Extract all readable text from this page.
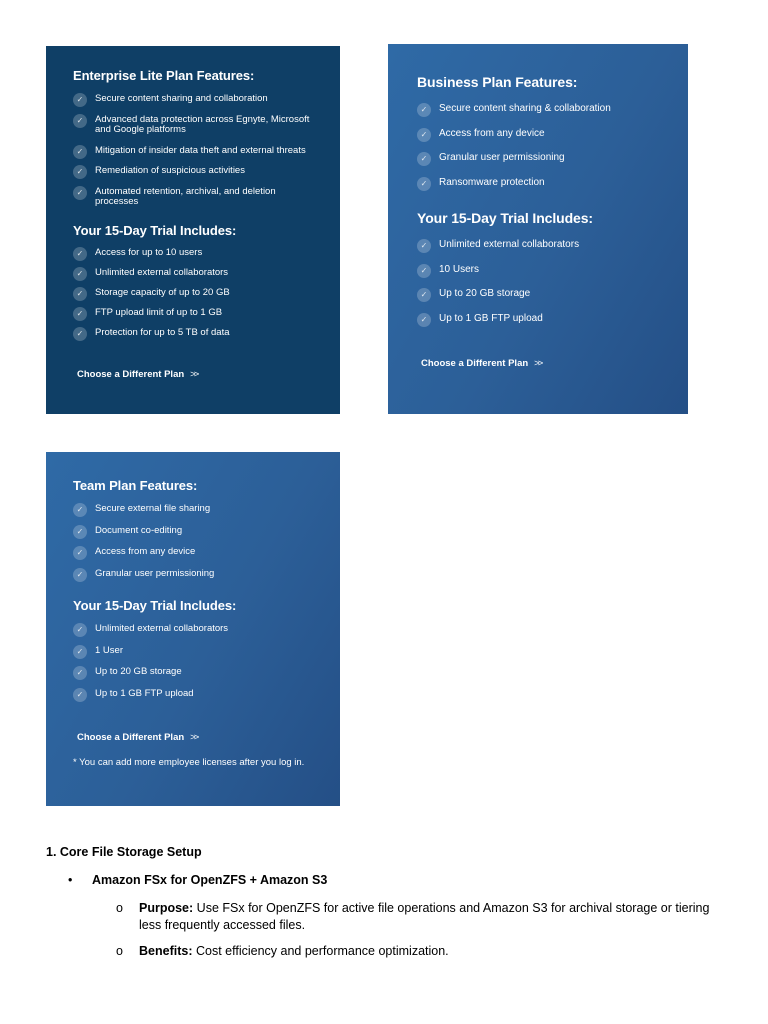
Enterprise Lite Plan Features:
✓	Secure content sharing and collaboration
✓	Advanced data protection across Egnyte, Microsoft and Google platforms
✓	Mitigation of insider data theft and external threats
✓	Remediation of suspicious activities
✓	Automated retention, archival, and deletion processes
Your 15-Day Trial Includes:
✓	Access for up to 10 users
✓	Unlimited external collaborators
✓	Storage capacity of up to 20 GB
✓	FTP upload limit of up to 1 GB
✓	Protection for up to 5 TB of data
Choose a Different Plan >>
Business Plan Features:
✓	Secure content sharing & collaboration
✓	Access from any device
✓	Granular user permissioning
✓	Ransomware protection
Your 15-Day Trial Includes:
✓	Unlimited external collaborators
✓	10 Users
✓	Up to 20 GB storage
✓	Up to 1 GB FTP upload
Choose a Different Plan >>
Team Plan Features:
✓	Secure external file sharing
✓	Document co-editing
✓	Access from any device
✓	Granular user permissioning
Your 15-Day Trial Includes:
✓	Unlimited external collaborators
✓	1 User
✓	Up to 20 GB storage
✓	Up to 1 GB FTP upload
Choose a Different Plan >>

* You can add more employee licenses after you log in.

1. Core File Storage Setup
• Amazon FSx for OpenZFS + Amazon S3
o	Purpose: Use FSx for OpenZFS for active file operations and Amazon S3 for archival storage or tiering less frequently accessed files.
o	Benefits: Cost efficiency and performance optimization.
